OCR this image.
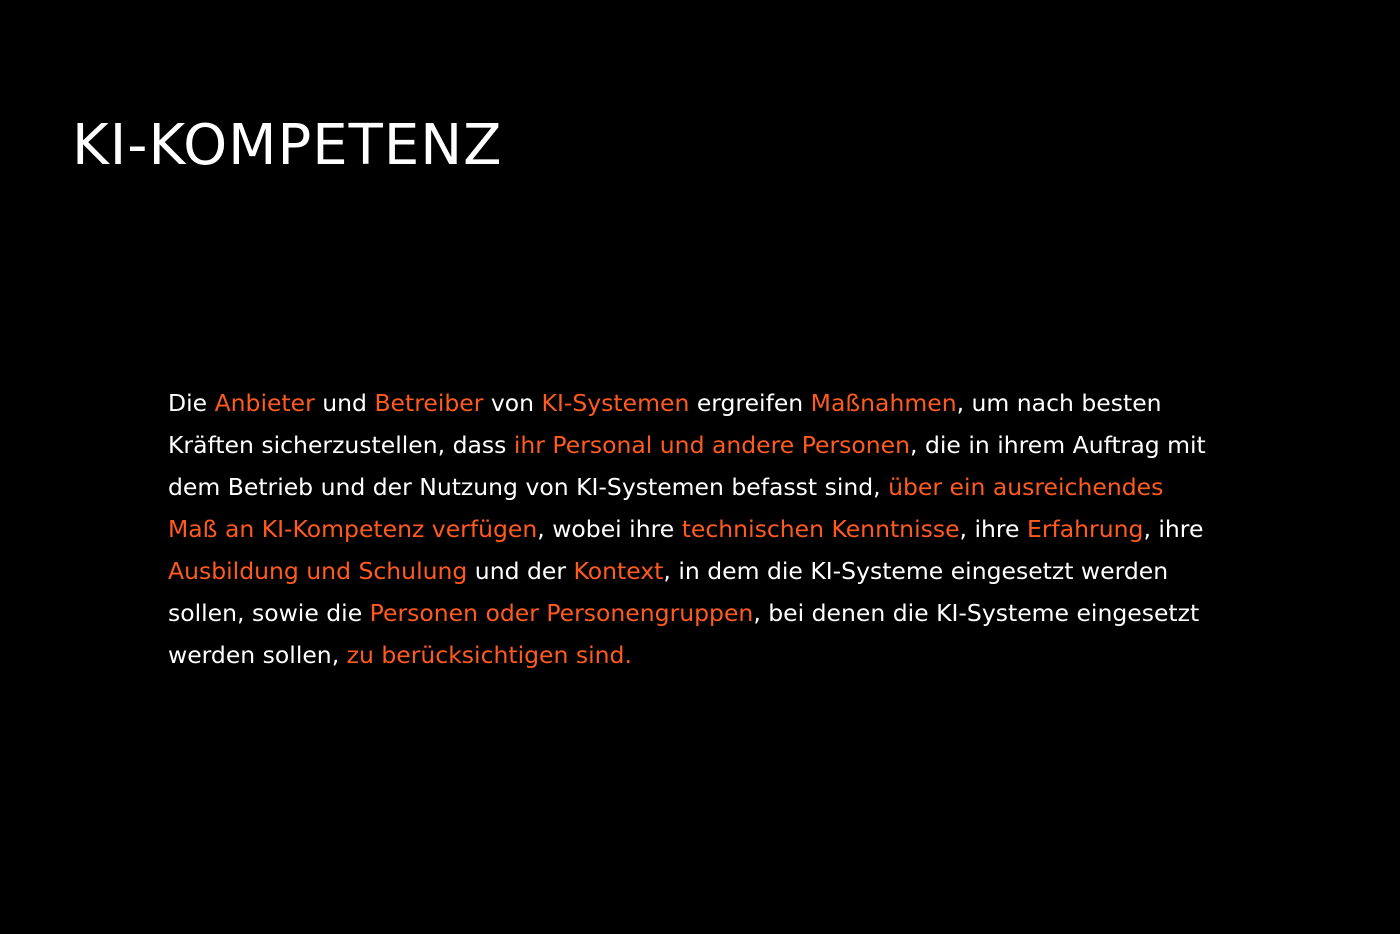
KI-KOMPETENZ

Die Anbieter und Betreiber von KI-Systemen ergreifen Maßnahmen, um nach besten
Kräften sicherzustellen, dass ihr Personal und andere Personen, die in ihrem Auftrag mit
dem Betrieb und der Nutzung von KI-Systemen befasst sind, über ein ausreichendes
Maß an KI-Kompetenz verfügen, wobei ihre technischen Kenntnisse, ihre Erfahrung, ihre
Ausbildung und Schulung und der Kontext, in dem die KI-Systeme eingesetzt werden
sollen, sowie die Personen oder Personengruppen, bei denen die KI-Systeme eingesetzt
werden sollen, zu berücksichtigen sind.
